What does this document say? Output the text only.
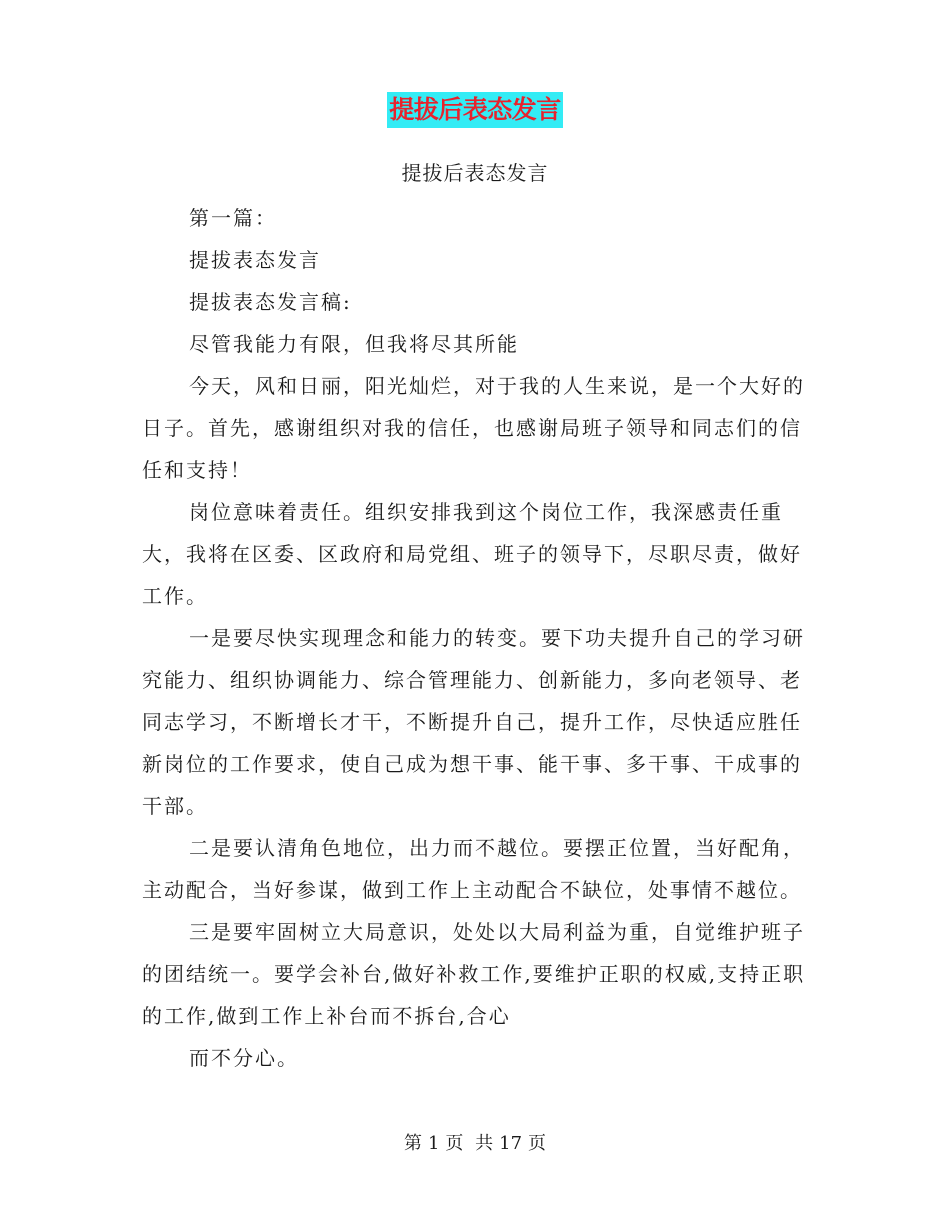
提拔后表态发言
提拔后表态发言

第一篇：

提拔表态发言

提拔表态发言稿:

尽管我能力有限，但我将尽其所能

今天，风和日丽，阳光灿烂，对于我的人生来说，是一个大好的日子。首先，感谢组织对我的信任，也感谢局班子领导和同志们的信任和支持！

岗位意味着责任。组织安排我到这个岗位工作，我深感责任重大，我将在区委、区政府和局党组、班子的领导下，尽职尽责，做好工作。

一是要尽快实现理念和能力的转变。要下功夫提升自己的学习研究能力、组织协调能力、综合管理能力、创新能力，多向老领导、老同志学习，不断增长才干，不断提升自己，提升工作，尽快适应胜任新岗位的工作要求，使自己成为想干事、能干事、多干事、干成事的干部。

二是要认清角色地位，出力而不越位。要摆正位置，当好配角，主动配合，当好参谋，做到工作上主动配合不缺位，处事情不越位。

三是要牢固树立大局意识，处处以大局利益为重，自觉维护班子的团结统一。要学会补台,做好补救工作,要维护正职的权威,支持正职的工作,做到工作上补台而不拆台,合心

而不分心。

第 1 页 共 17 页
